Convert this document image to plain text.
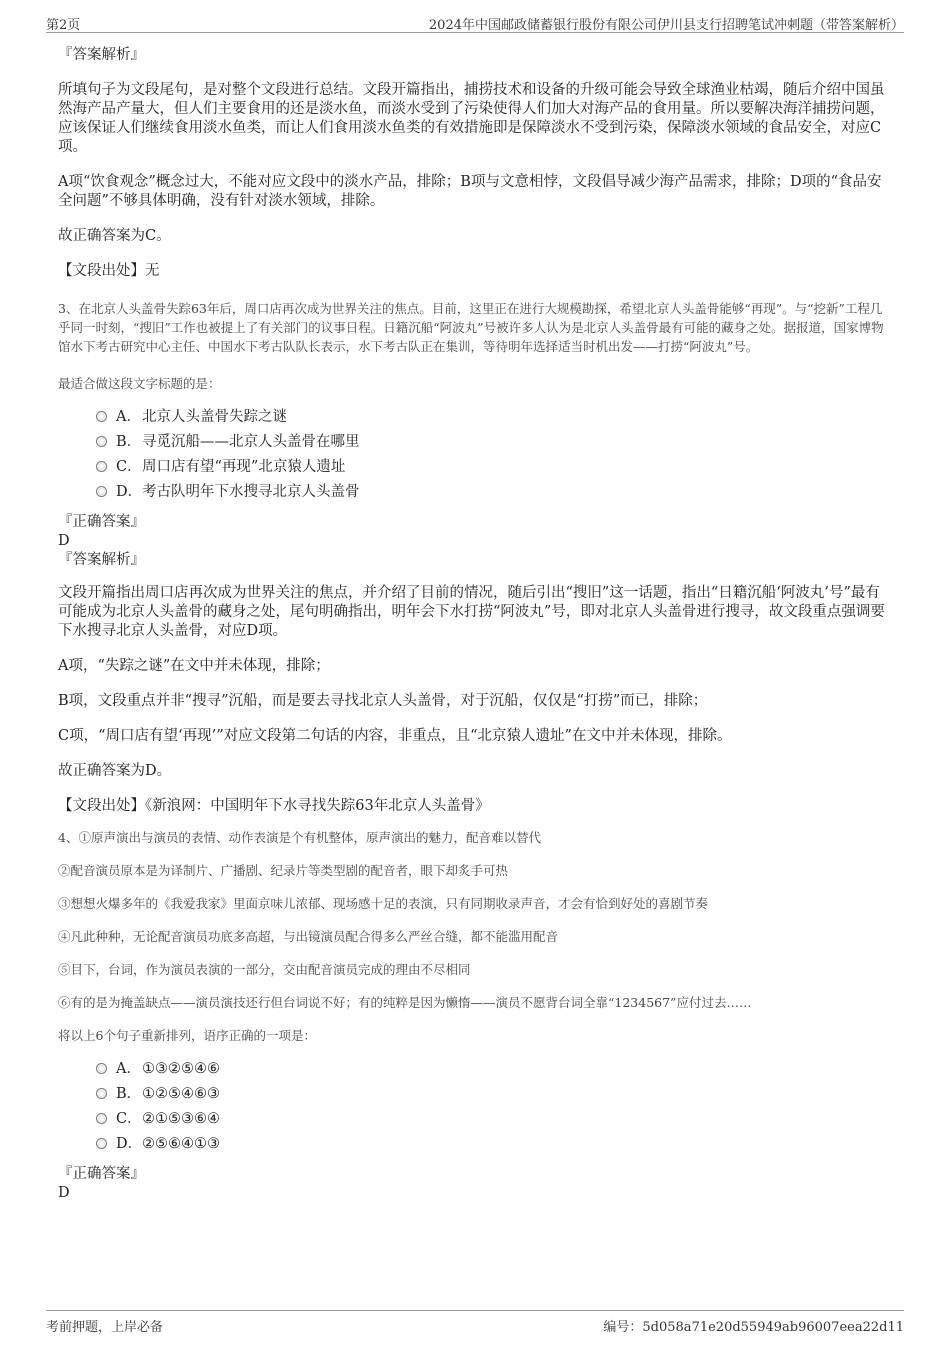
第2页	2024年中国邮政储蓄银行股份有限公司伊川县支行招聘笔试冲刺题（带答案解析）

『答案解析』

所填句子为文段尾句，是对整个文段进行总结。文段开篇指出，捕捞技术和设备的升级可能会导致全球渔业枯竭，随后介绍中国虽然海产品产量大，但人们主要食用的还是淡水鱼，而淡水受到了污染使得人们加大对海产品的食用量。所以要解决海洋捕捞问题，应该保证人们继续食用淡水鱼类，而让人们食用淡水鱼类的有效措施即是保障淡水不受到污染，保障淡水领域的食品安全，对应C项。

A项“饮食观念”概念过大，不能对应文段中的淡水产品，排除；B项与文意相悖，文段倡导减少海产品需求，排除；D项的“食品安全问题”不够具体明确，没有针对淡水领域，排除。

故正确答案为C。

【文段出处】无

3、在北京人头盖骨失踪63年后，周口店再次成为世界关注的焦点。目前，这里正在进行大规模勘探，希望北京人头盖骨能够“再现”。与“挖新”工程几乎同一时刻，“搜旧”工作也被提上了有关部门的议事日程。日籍沉船“阿波丸”号被许多人认为是北京人头盖骨最有可能的藏身之处。据报道，国家博物馆水下考古研究中心主任、中国水下考古队队长表示，水下考古队正在集训，等待明年选择适当时机出发——打捞“阿波丸”号。

最适合做这段文字标题的是：

A．北京人头盖骨失踪之谜
B．寻觅沉船——北京人头盖骨在哪里
C．周口店有望“再现”北京猿人遗址
D．考古队明年下水搜寻北京人头盖骨

『正确答案』

D

『答案解析』

文段开篇指出周口店再次成为世界关注的焦点，并介绍了目前的情况，随后引出“搜旧”这一话题，指出“日籍沉船‘阿波丸’号”最有可能成为北京人头盖骨的藏身之处，尾句明确指出，明年会下水打捞“阿波丸”号，即对北京人头盖骨进行搜寻，故文段重点强调要下水搜寻北京人头盖骨，对应D项。

A项，“失踪之谜”在文中并未体现，排除；

B项，文段重点并非“搜寻”沉船，而是要去寻找北京人头盖骨，对于沉船，仅仅是“打捞”而已，排除；

C项，“周口店有望‘再现’”对应文段第二句话的内容，非重点，且“北京猿人遗址”在文中并未体现，排除。

故正确答案为D。

【文段出处】《新浪网：中国明年下水寻找失踪63年北京人头盖骨》

4、①原声演出与演员的表情、动作表演是个有机整体，原声演出的魅力，配音难以替代

②配音演员原本是为译制片、广播剧、纪录片等类型剧的配音者，眼下却炙手可热

③想想火爆多年的《我爱我家》里面京味儿浓郁、现场感十足的表演，只有同期收录声音，才会有恰到好处的喜剧节奏

④凡此种种，无论配音演员功底多高超，与出镜演员配合得多么严丝合缝，都不能滥用配音

⑤目下，台词，作为演员表演的一部分，交由配音演员完成的理由不尽相同

⑥有的是为掩盖缺点——演员演技还行但台词说不好；有的纯粹是因为懒惰——演员不愿背台词全靠“1234567”应付过去……

将以上6个句子重新排列，语序正确的一项是：

A．①③②⑤④⑥
B．①②⑤④⑥③
C．②①⑤③⑥④
D．②⑤⑥④①③

『正确答案』

D

考前押题，上岸必备	编号：5d058a71e20d55949ab96007eea22d11
